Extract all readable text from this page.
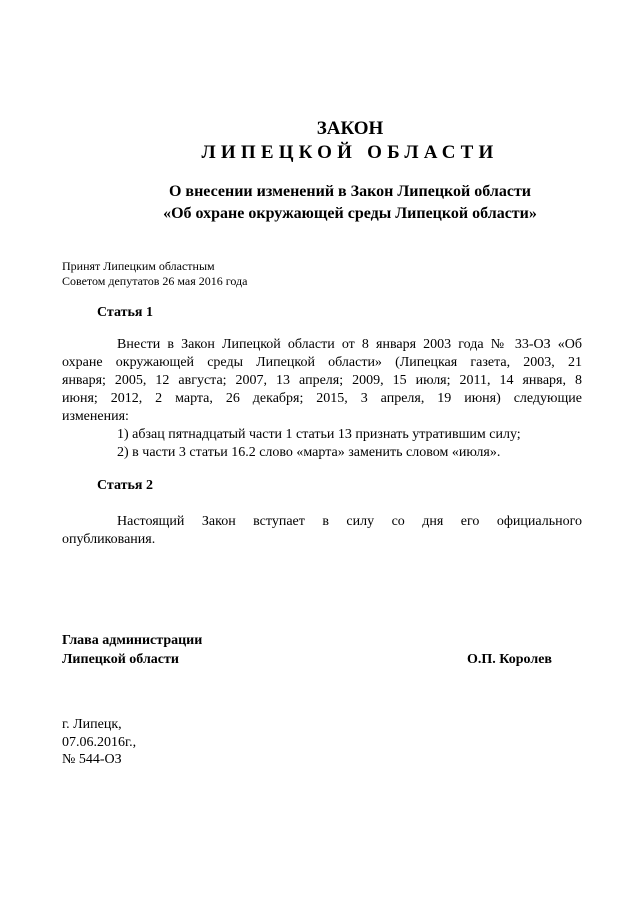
ЗАКОН
ЛИПЕЦКОЙ ОБЛАСТИ
О внесении изменений в Закон Липецкой области
«Об охране окружающей среды Липецкой области»
Принят Липецким областным
Советом депутатов 26 мая 2016 года
Статья 1
Внести в Закон Липецкой области от 8 января 2003 года № 33-ОЗ «Об
охране окружающей среды Липецкой области» (Липецкая газета, 2003, 21
января; 2005, 12 августа; 2007, 13 апреля; 2009, 15 июля; 2011, 14 января, 8
июня; 2012, 2 марта, 26 декабря; 2015, 3 апреля, 19 июня) следующие
изменения:
1) абзац пятнадцатый части 1 статьи 13 признать утратившим силу;
2) в части 3 статьи 16.2 слово «марта» заменить словом «июля».
Статья 2
Настоящий Закон вступает в силу со дня его официального
опубликования.
Глава администрации
Липецкой области	О.П. Королев
г. Липецк,
07.06.2016г.,
№ 544-ОЗ
